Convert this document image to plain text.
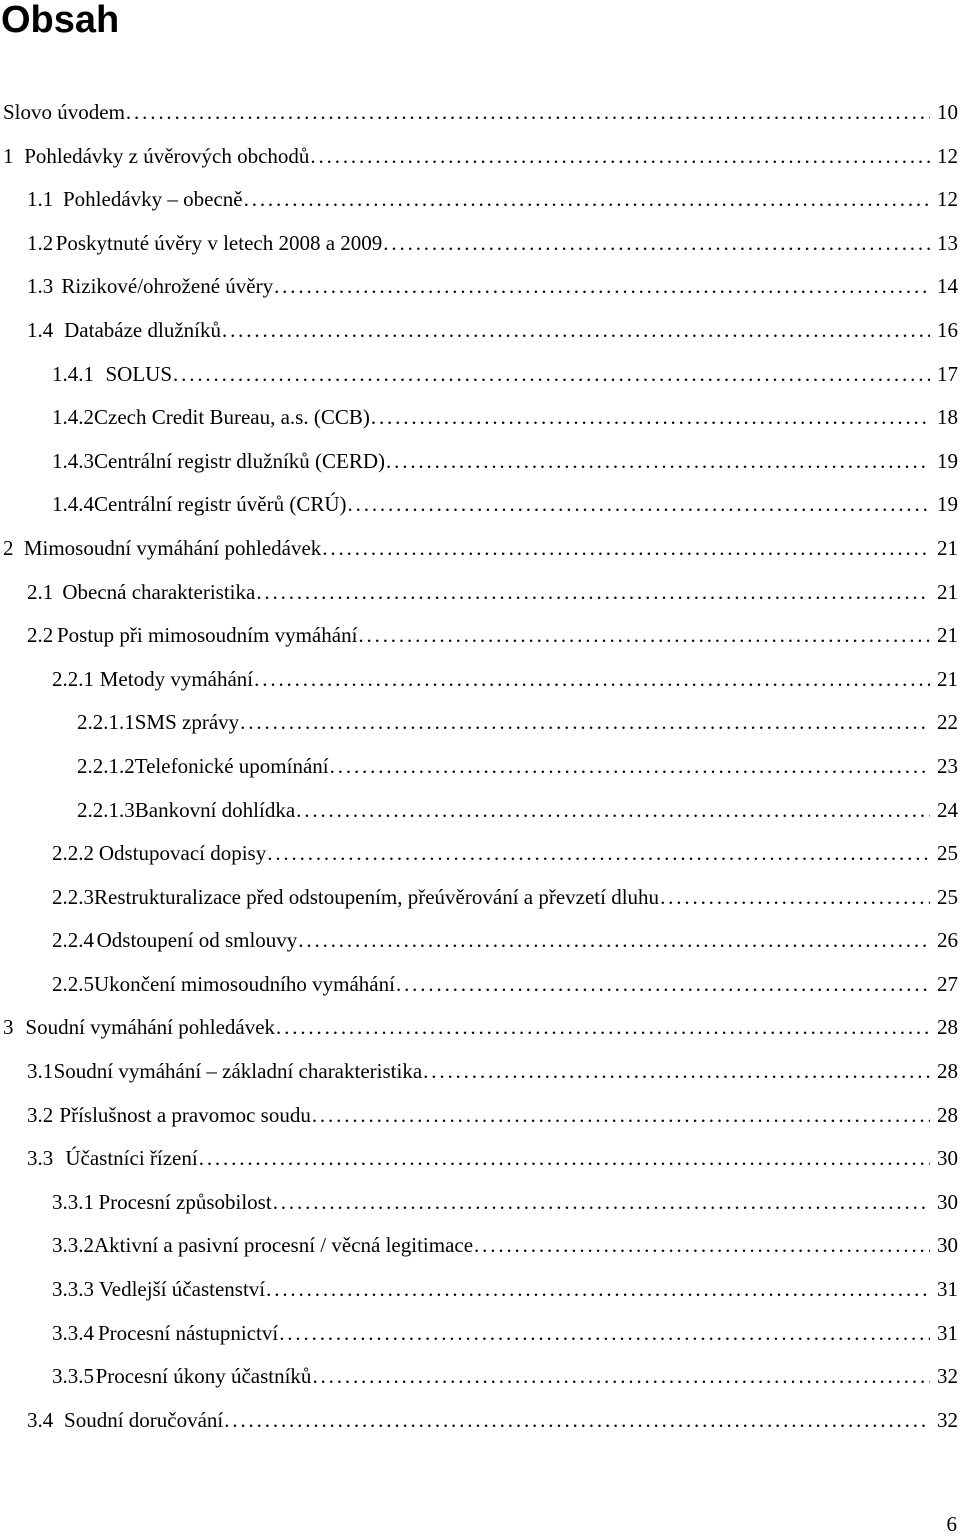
Obsah
Slovo úvodem . . .	10
1 Pohledávky z úvěrových obchodů . . .	12
1.1 Pohledávky – obecně . . .	12
1.2 Poskytnuté úvěry v letech 2008 a 2009 . . .	13
1.3 Rizikové/ohrožené úvěry . . .	14
1.4 Databáze dlužníků . . .	16
1.4.1 SOLUS . . .	17
1.4.2 Czech Credit Bureau, a.s. (CCB) . . .	18
1.4.3 Centrální registr dlužníků (CERD) . . .	19
1.4.4 Centrální registr úvěrů (CRÚ) . . .	19
2 Mimosoudní vymáhání pohledávek . . .	21
2.1 Obecná charakteristika . . .	21
2.2 Postup při mimosoudním vymáhání . . .	21
2.2.1 Metody vymáhání . . .	21
2.2.1.1 SMS zprávy . . .	22
2.2.1.2 Telefonické upomínání . . .	23
2.2.1.3 Bankovní dohlídka . . .	24
2.2.2 Odstupovací dopisy . . .	25
2.2.3 Restrukturalizace před odstoupením, přeúvěrování a převzetí dluhu . . .	25
2.2.4 Odstoupení od smlouvy . . .	26
2.2.5 Ukončení mimosoudního vymáhání . . .	27
3 Soudní vymáhání pohledávek . . .	28
3.1 Soudní vymáhání – základní charakteristika . . .	28
3.2 Příslušnost a pravomoc soudu . . .	28
3.3 Účastníci řízení . . .	30
3.3.1 Procesní způsobilost . . .	30
3.3.2 Aktivní a pasivní procesní / věcná legitimace . . .	30
3.3.3 Vedlejší účastenství . . .	31
3.3.4 Procesní nástupnictví . . .	31
3.3.5 Procesní úkony účastníků . . .	32
3.4 Soudní doručování . . .	32
6
